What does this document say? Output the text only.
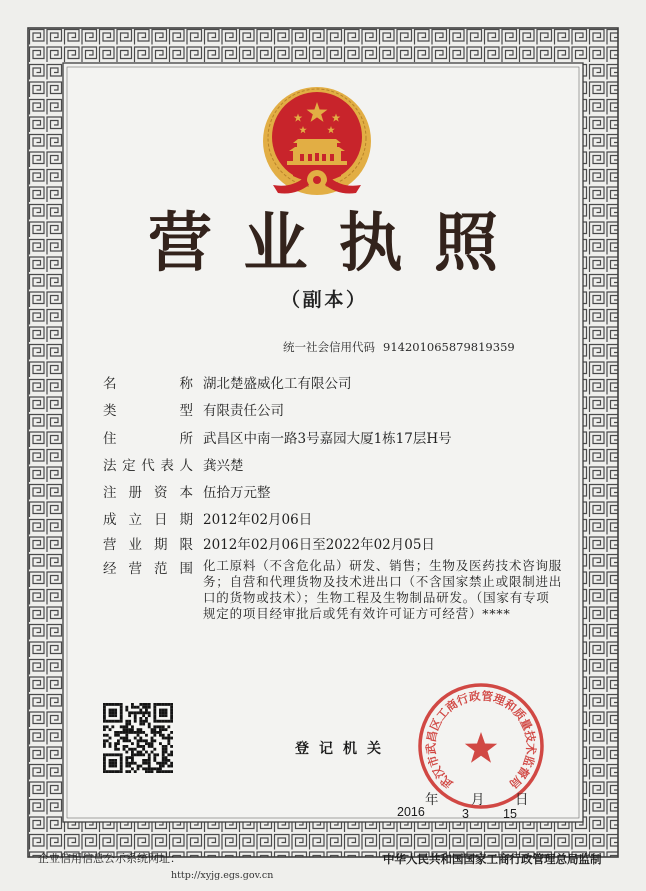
营业执照
（副本）
统一社会信用代码 914201065879819359
名称 湖北楚盛威化工有限公司
类型 有限责任公司
住所 武昌区中南一路3号嘉园大厦1栋17层H号
法定代表人 龚兴楚
注册资本 伍拾万元整
成立日期 2012年02月06日
营业期限 2012年02月06日至2022年02月05日
经营范围 化工原料（不含危化品）研发、销售；生物及医药技术咨询服
务；自营和代理货物及技术进出口（不含国家禁止或限制进出
口的货物或技术）；生物工程及生物制品研发。（国家有专项
规定的项目经审批后或凭有效许可证方可经营）****
登记机关
武汉市武昌区工商行政管理和质量技术监督局
年 月 日
2016	3	15
企业信用信息公示系统网址：
http://xyjg.egs.gov.cn
中华人民共和国国家工商行政管理总局监制
